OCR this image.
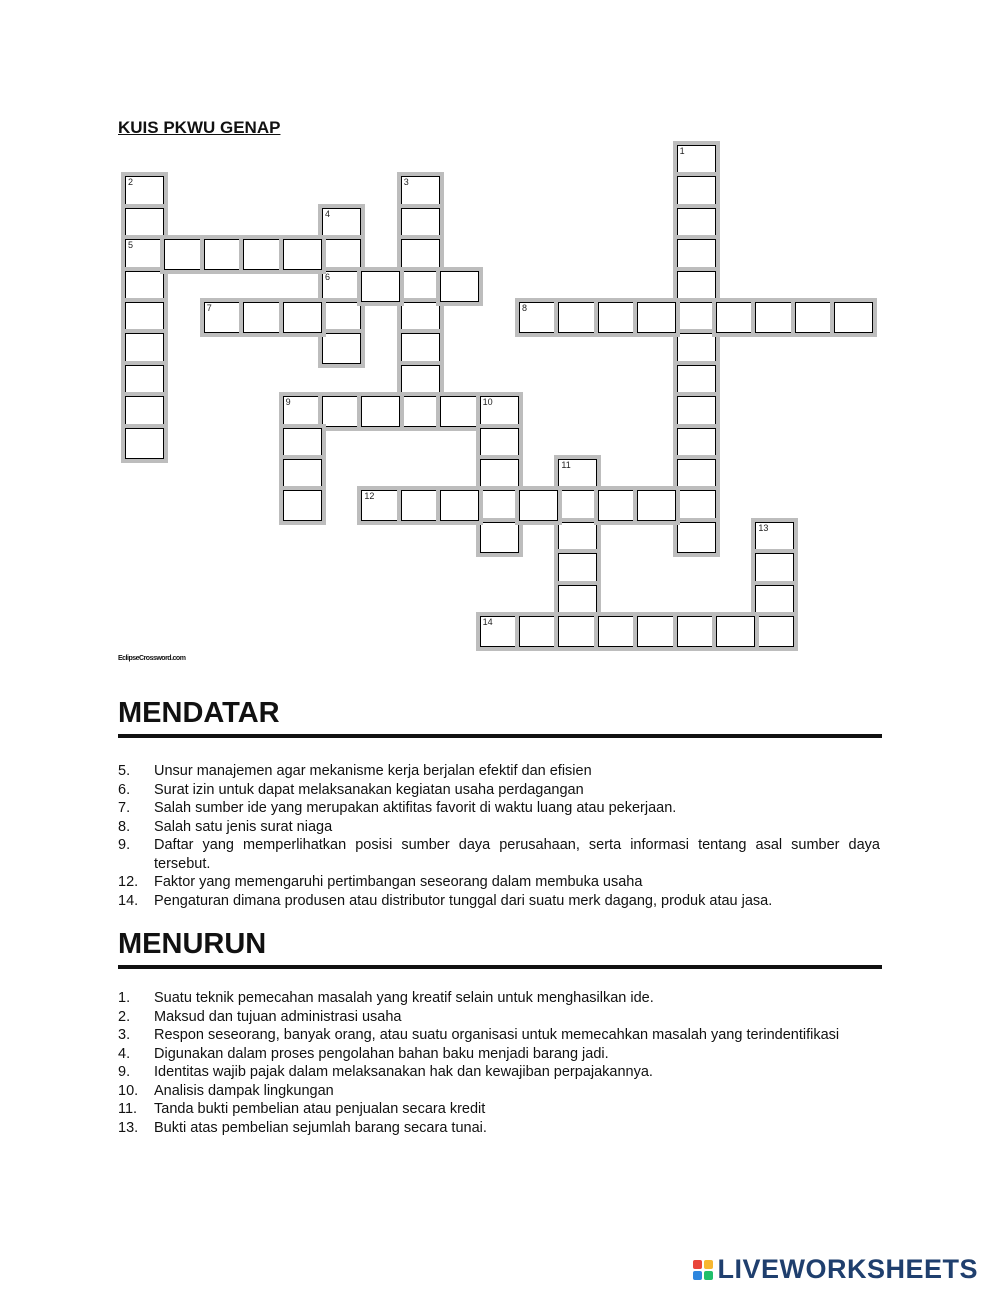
KUIS PKWU GENAP
1
2
5
3
4
6
7	8
9	10
11
12
13
14
EclipseCrossword.com
MENDATAR
5.	Unsur manajemen agar mekanisme kerja berjalan efektif dan efisien
6.	Surat izin untuk dapat melaksanakan kegiatan usaha perdagangan
7.	Salah sumber ide yang merupakan aktifitas favorit di waktu luang atau pekerjaan.
8.	Salah satu jenis surat niaga
9.	Daftar yang memperlihatkan posisi sumber daya perusahaan, serta informasi tentang asal sumber daya tersebut.
12.	Faktor yang memengaruhi pertimbangan seseorang dalam membuka usaha
14.	Pengaturan dimana produsen atau distributor tunggal dari suatu merk dagang, produk atau jasa.
MENURUN
1.	Suatu teknik pemecahan masalah yang kreatif selain untuk menghasilkan ide.
2.	Maksud dan tujuan administrasi usaha
3.	Respon seseorang, banyak orang, atau suatu organisasi untuk memecahkan masalah yang terindentifikasi
4.	Digunakan dalam proses pengolahan bahan baku menjadi barang jadi.
9.	Identitas wajib pajak dalam melaksanakan hak dan kewajiban perpajakannya.
10.	Analisis dampak lingkungan
11.	Tanda bukti pembelian atau penjualan secara kredit
13.	Bukti atas pembelian sejumlah barang secara tunai.
LIVEWORKSHEETS
